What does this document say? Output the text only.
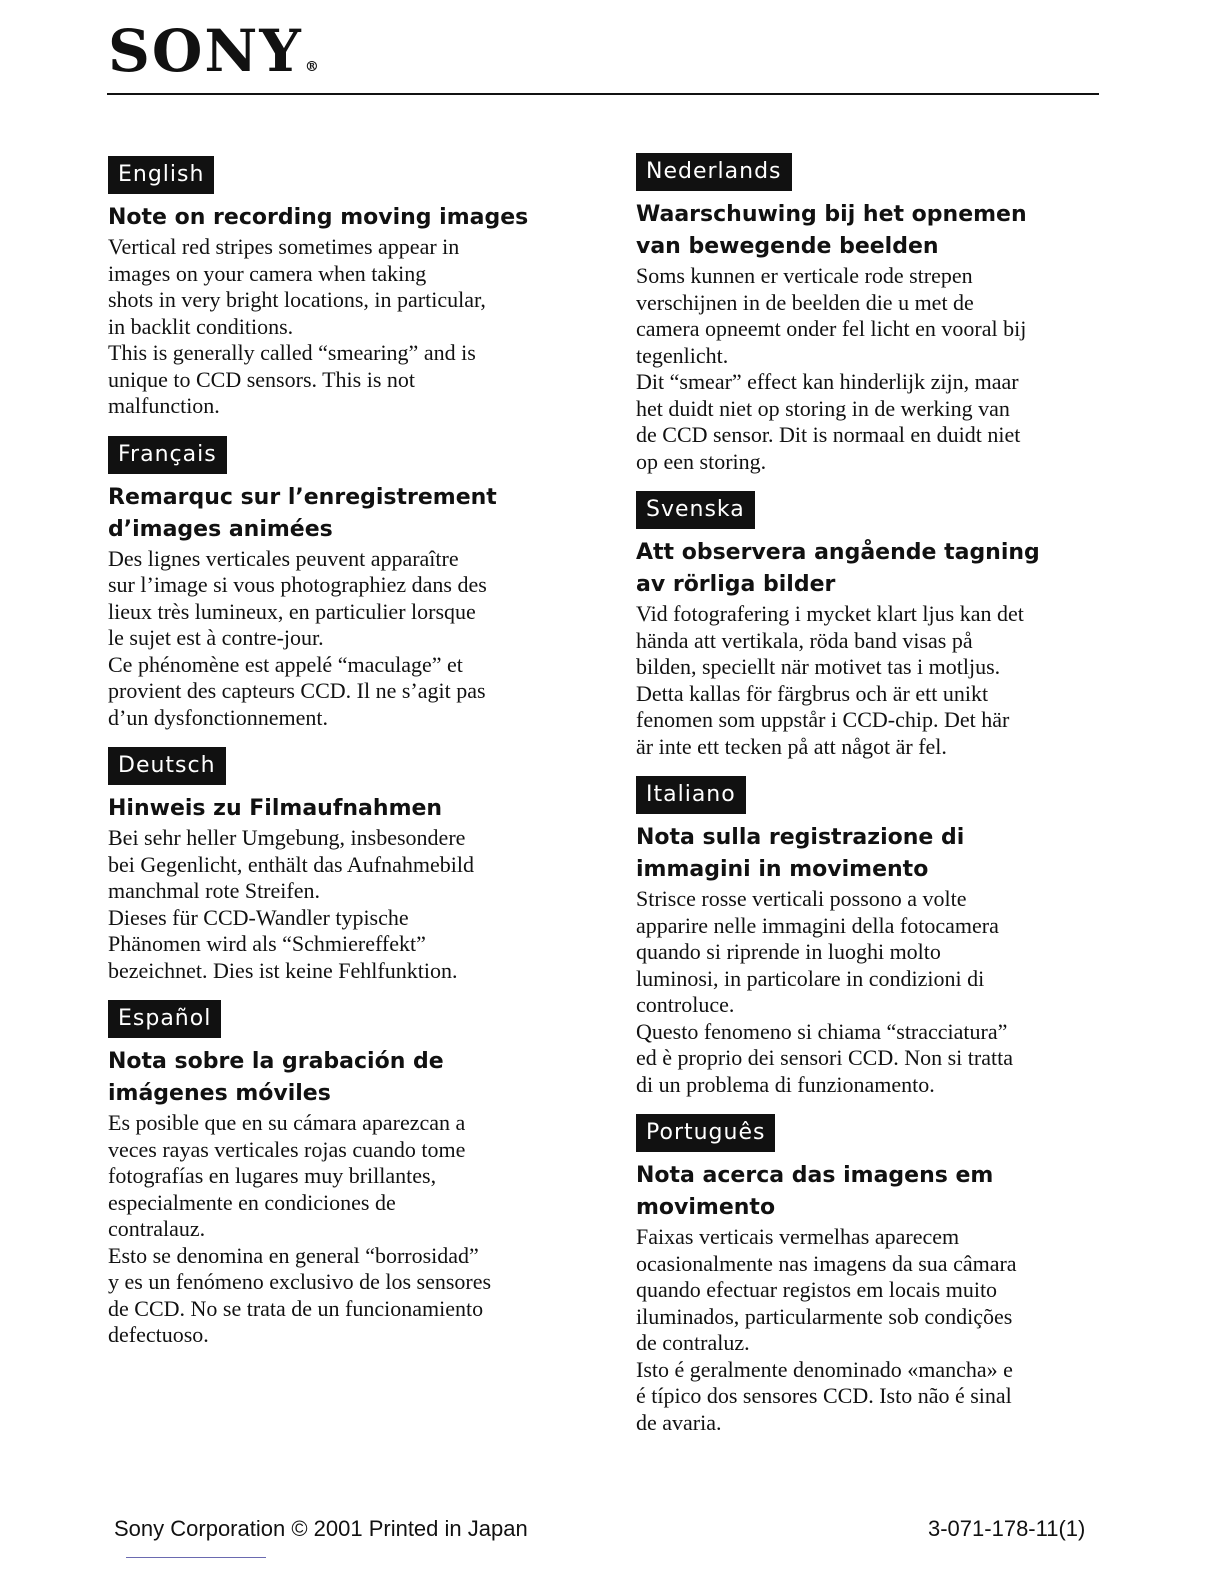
SONY ®
English
Note on recording moving images

Vertical red stripes sometimes appear in
images on your camera when taking
shots in very bright locations, in particular,
in backlit conditions.
This is generally called “smearing” and is
unique to CCD sensors. This is not
malfunction.

Français
Remarquc sur l’enregistrement
d’images animées

Des lignes verticales peuvent apparaître
sur l’image si vous photographiez dans des
lieux très lumineux, en particulier lorsque
le sujet est à contre-jour.
Ce phénomène est appelé “maculage” et
provient des capteurs CCD. Il ne s’agit pas
d’un dysfonctionnement.

Deutsch
Hinweis zu Filmaufnahmen

Bei sehr heller Umgebung, insbesondere
bei Gegenlicht, enthält das Aufnahmebild
manchmal rote Streifen.
Dieses für CCD-Wandler typische
Phänomen wird als “Schmiereffekt”
bezeichnet. Dies ist keine Fehlfunktion.

Español
Nota sobre la grabación de
imágenes móviles

Es posible que en su cámara aparezcan a
veces rayas verticales rojas cuando tome
fotografías en lugares muy brillantes,
especialmente en condiciones de
contralauz.
Esto se denomina en general “borrosidad”
y es un fenómeno exclusivo de los sensores
de CCD. No se trata de un funcionamiento
defectuoso.

Nederlands
Waarschuwing bij het opnemen
van bewegende beelden

Soms kunnen er verticale rode strepen
verschijnen in de beelden die u met de
camera opneemt onder fel licht en vooral bij
tegenlicht.
Dit “smear” effect kan hinderlijk zijn, maar
het duidt niet op storing in de werking van
de CCD sensor. Dit is normaal en duidt niet
op een storing.

Svenska
Att observera angående tagning
av rörliga bilder

Vid fotografering i mycket klart ljus kan det
hända att vertikala, röda band visas på
bilden, speciellt när motivet tas i motljus.
Detta kallas för färgbrus och är ett unikt
fenomen som uppstår i CCD-chip. Det här
är inte ett tecken på att något är fel.

Italiano
Nota sulla registrazione di
immagini in movimento

Strisce rosse verticali possono a volte
apparire nelle immagini della fotocamera
quando si riprende in luoghi molto
luminosi, in particolare in condizioni di
controluce.
Questo fenomeno si chiama “stracciatura”
ed è proprio dei sensori CCD. Non si tratta
di un problema di funzionamento.

Português
Nota acerca das imagens em
movimento

Faixas verticais vermelhas aparecem
ocasionalmente nas imagens da sua câmara
quando efectuar registos em locais muito
iluminados, particularmente sob condições
de contraluz.
Isto é geralmente denominado «mancha» e
é típico dos sensores CCD. Isto não é sinal
de avaria.

Sony Corporation © 2001 Printed in Japan	3-071-178-11(1)
